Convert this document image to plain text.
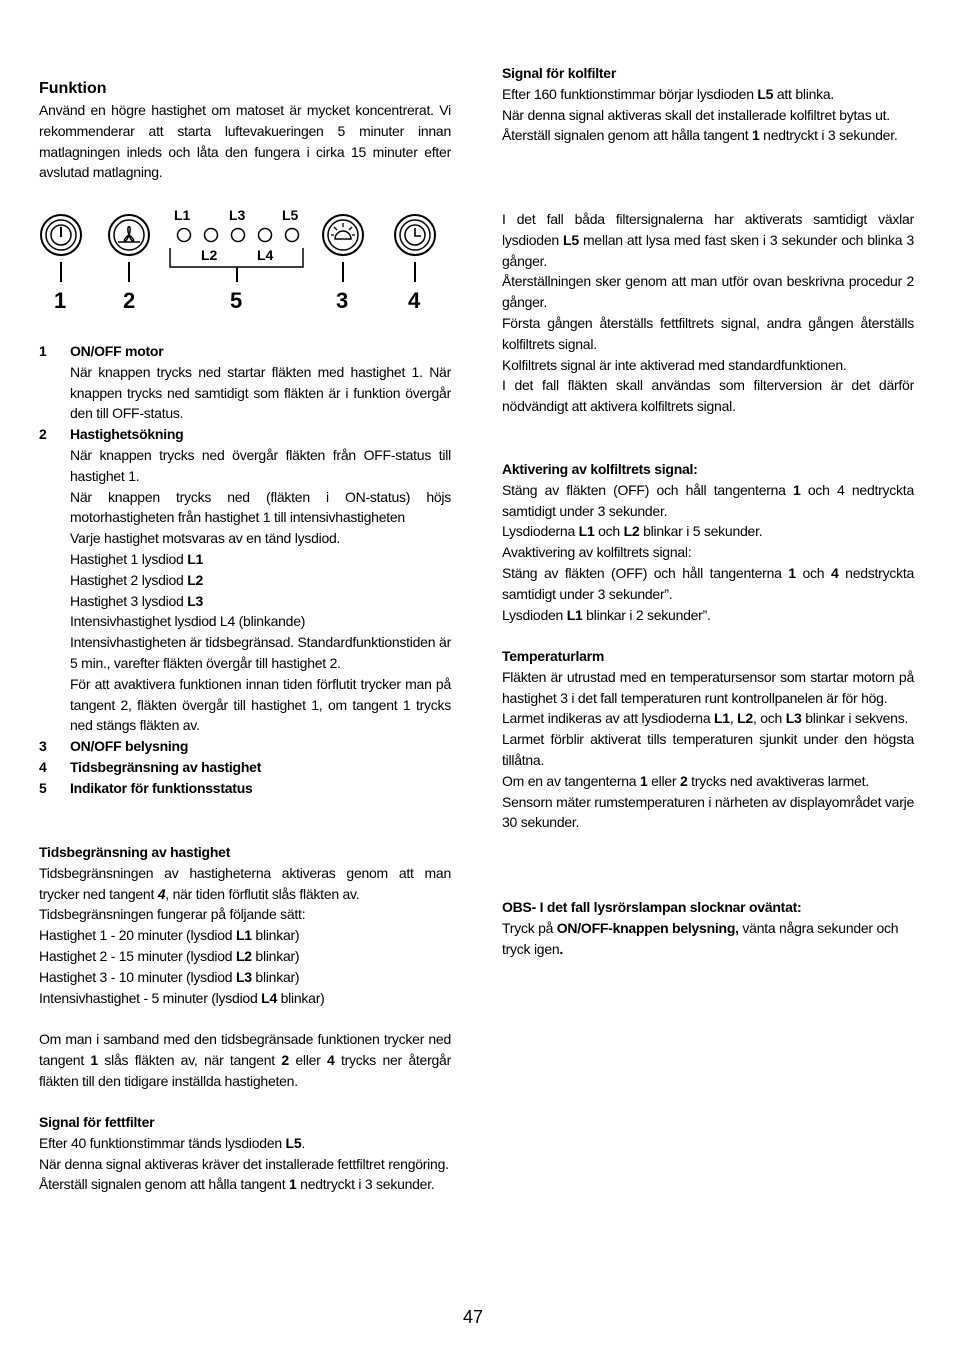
Funktion

Använd en högre hastighet om matoset är mycket koncentrerat. Vi rekommenderar att starta luftevakueringen 5 minuter innan matlagningen inleds och låta den fungera i cirka 15 minuter efter avslutad matlagning.

L1	L3	L5
L2	L4
1	2	5	3	4
1 ON/OFF motor

När knappen trycks ned startar fläkten med hastighet 1. När knappen trycks ned samtidigt som fläkten är i funktion övergår den till OFF-status.

2 Hastighetsökning

När knappen trycks ned övergår fläkten från OFF-status till hastighet 1.

När knappen trycks ned (fläkten i ON-status) höjs motorhastigheten från hastighet 1 till intensivhastigheten

Varje hastighet motsvaras av en tänd lysdiod.

Hastighet 1 lysdiod L1

Hastighet 2 lysdiod L2

Hastighet 3 lysdiod L3

Intensivhastighet lysdiod L4 (blinkande)

Intensivhastigheten är tidsbegränsad. Standardfunktionstiden är 5 min., varefter fläkten övergår till hastighet 2.

För att avaktivera funktionen innan tiden förflutit trycker man på tangent 2, fläkten övergår till hastighet 1, om tangent 1 trycks ned stängs fläkten av.

3 ON/OFF belysning
4 Tidsbegränsning av hastighet
5 Indikator för funktionsstatus
Tidsbegränsning av hastighet

Tidsbegränsningen av hastigheterna aktiveras genom att man trycker ned tangent 4, när tiden förflutit slås fläkten av.

Tidsbegränsningen fungerar på följande sätt:

Hastighet 1 - 20 minuter (lysdiod L1 blinkar)

Hastighet 2 - 15 minuter (lysdiod L2 blinkar)

Hastighet 3 - 10 minuter (lysdiod L3 blinkar)

Intensivhastighet - 5 minuter (lysdiod L4 blinkar)

Om man i samband med den tidsbegränsade funktionen trycker ned tangent 1 slås fläkten av, när tangent 2 eller 4 trycks ner återgår fläkten till den tidigare inställda hastigheten.

Signal för fettfilter

Efter 40 funktionstimmar tänds lysdioden L5.

När denna signal aktiveras kräver det installerade fettfiltret rengöring.

Återställ signalen genom att hålla tangent 1 nedtryckt i 3 sekunder.

Signal för kolfilter

Efter 160 funktionstimmar börjar lysdioden L5 att blinka.

När denna signal aktiveras skall det installerade kolfiltret bytas ut.

Återställ signalen genom att hålla tangent 1 nedtryckt i 3 sekunder.

I det fall båda filtersignalerna har aktiverats samtidigt växlar lysdioden L5 mellan att lysa med fast sken i 3 sekunder och blinka 3 gånger.

Återställningen sker genom att man utför ovan beskrivna procedur 2 gånger.

Första gången återställs fettfiltrets signal, andra gången återställs kolfiltrets signal.

Kolfiltrets signal är inte aktiverad med standardfunktionen.

I det fall fläkten skall användas som filterversion är det därför nödvändigt att aktivera kolfiltrets signal.

Aktivering av kolfiltrets signal:

Stäng av fläkten (OFF) och håll tangenterna 1 och 4 nedtryckta samtidigt under 3 sekunder.

Lysdioderna L1 och L2 blinkar i 5 sekunder.

Avaktivering av kolfiltrets signal:

Stäng av fläkten (OFF) och håll tangenterna 1 och 4 nedstryckta samtidigt under 3 sekunder”.

Lysdioden L1 blinkar i 2 sekunder”.

Temperaturlarm

Fläkten är utrustad med en temperatursensor som startar motorn på hastighet 3 i det fall temperaturen runt kontrollpanelen är för hög.

Larmet indikeras av att lysdioderna L1, L2, och L3 blinkar i sekvens.

Larmet förblir aktiverat tills temperaturen sjunkit under den högsta tillåtna.

Om en av tangenterna 1 eller 2 trycks ned avaktiveras larmet.

Sensorn mäter rumstemperaturen i närheten av displayområdet varje 30 sekunder.

OBS- I det fall lysrörslampan slocknar oväntat:

Tryck på ON/OFF-knappen belysning, vänta några sekunder och tryck igen.

47
